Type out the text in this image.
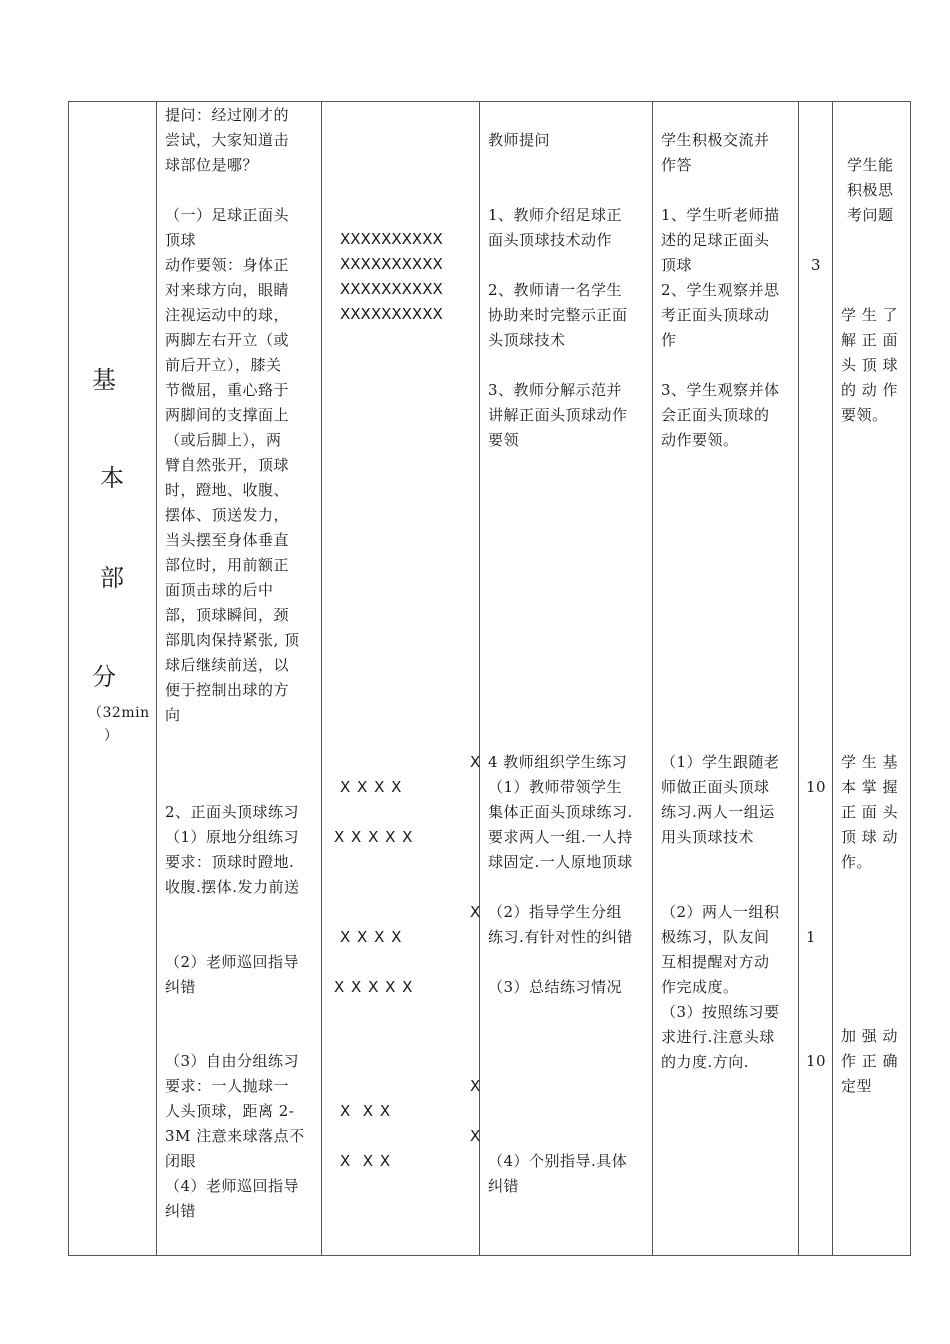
基
本
部
分
（32min
）
提问：经过刚才的
尝试，大家知道击
球部位是哪？
（一）足球正面头
顶球
动作要领：身体正
对来球方向，眼睛
注视运动中的球，
两脚左右开立（或
前后开立），膝关
节微屈，重心臵于
两脚间的支撑面上
（或后脚上），两
臂自然张开，顶球
时，蹬地、收腹、
摆体、顶送发力，
当头摆至身体垂直
部位时，用前额正
面顶击球的后中
部，顶球瞬间，颈
部肌肉保持紧张, 顶
球后继续前送，以
便于控制出球的方
向
2、正面头顶球练习
（1）原地分组练习
要求：顶球时蹬地.
收腹.摆体.发力前送
（2）老师巡回指导
纠错
（3）自由分组练习
要求：一人抛球一
人头顶球，距离 2-
3M 注意来球落点不
闭眼
（4）老师巡回指导
纠错
XXXXXXXXXX
XXXXXXXXXX
XXXXXXXXXX
XXXXXXXXXX
X X X X
X X X X X
X X X X
X X X X X
X  X X
X  X X
X
X
X
X
教师提问
1、教师介绍足球正
面头顶球技术动作
2、教师请一名学生
协助来时完整示正面
头顶球技术
3、教师分解示范并
讲解正面头顶球动作
要领
4 教师组织学生练习
（1）教师带领学生
集体正面头顶球练习.
要求两人一组.一人持
球固定.一人原地顶球
（2）指导学生分组
练习.有针对性的纠错
（3）总结练习情况
（4）个别指导.具体
纠错
学生积极交流并
作答
1、学生听老师描
述的足球正面头
顶球
2、学生观察并思
考正面头顶球动
作
3、学生观察并体
会正面头顶球的
动作要领。
（1）学生跟随老
师做正面头顶球
练习.两人一组运
用头顶球技术
（2）两人一组积
极练习，队友间
互相提醒对方动
作完成度。
（3）按照练习要
求进行.注意头球
的力度.方向.
3
10
1
10
学生能
积极思
考问题
学 生 了
解 正 面
头 顶 球
的 动 作
要领。
学 生 基
本 掌 握
正 面 头
顶 球 动
作。
加 强 动
作 正 确
定型
